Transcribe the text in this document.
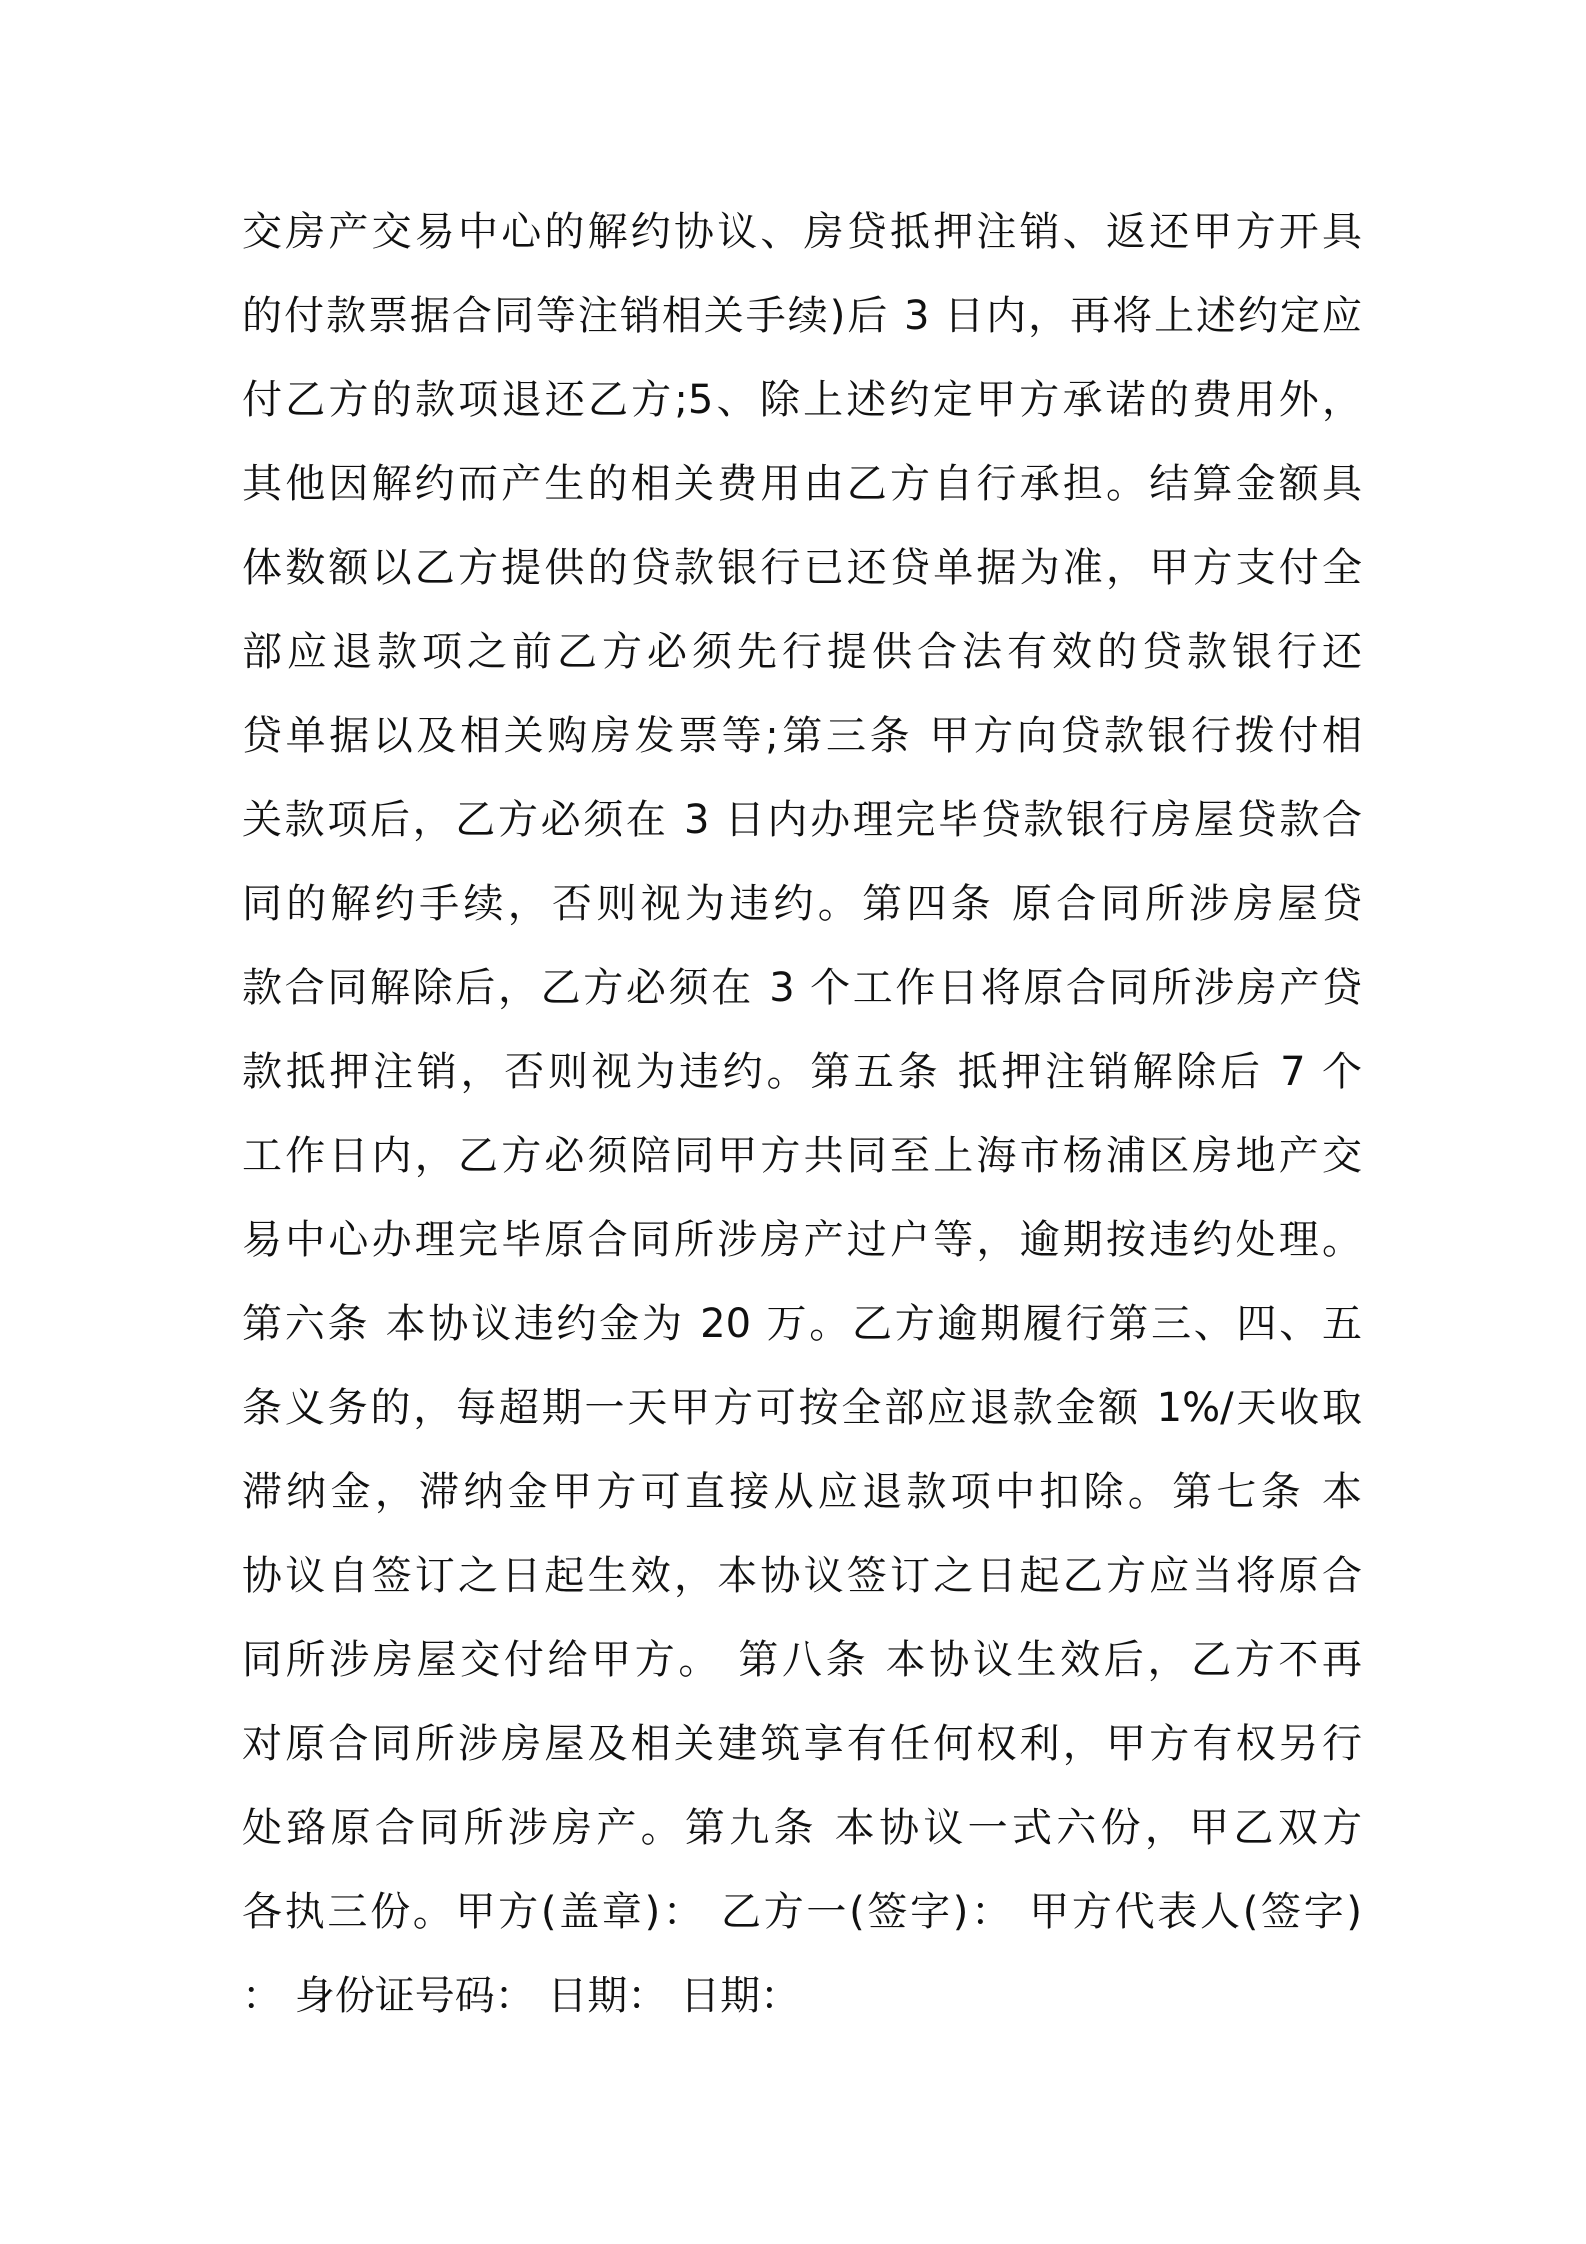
交房产交易中心的解约协议、房贷抵押注销、返还甲方开具
的付款票据合同等注销相关手续)后 3 日内，再将上述约定应
付乙方的款项退还乙方;5、除上述约定甲方承诺的费用外，
其他因解约而产生的相关费用由乙方自行承担。结算金额具
体数额以乙方提供的贷款银行已还贷单据为准，甲方支付全
部应退款项之前乙方必须先行提供合法有效的贷款银行还
贷单据以及相关购房发票等;第三条 甲方向贷款银行拨付相
关款项后，乙方必须在 3 日内办理完毕贷款银行房屋贷款合
同的解约手续，否则视为违约。第四条 原合同所涉房屋贷
款合同解除后，乙方必须在 3 个工作日将原合同所涉房产贷
款抵押注销，否则视为违约。第五条 抵押注销解除后 7 个
工作日内，乙方必须陪同甲方共同至上海市杨浦区房地产交
易中心办理完毕原合同所涉房产过户等，逾期按违约处理。
第六条 本协议违约金为 20 万。乙方逾期履行第三、四、五
条义务的，每超期一天甲方可按全部应退款金额 1%/天收取
滞纳金，滞纳金甲方可直接从应退款项中扣除。第七条 本
协议自签订之日起生效，本协议签订之日起乙方应当将原合
同所涉房屋交付给甲方。 第八条 本协议生效后，乙方不再
对原合同所涉房屋及相关建筑享有任何权利，甲方有权另行
处臵原合同所涉房产。第九条 本协议一式六份，甲乙双方
各执三份。甲方(盖章)： 乙方一(签字)： 甲方代表人(签字)
： 身份证号码： 日期： 日期：
